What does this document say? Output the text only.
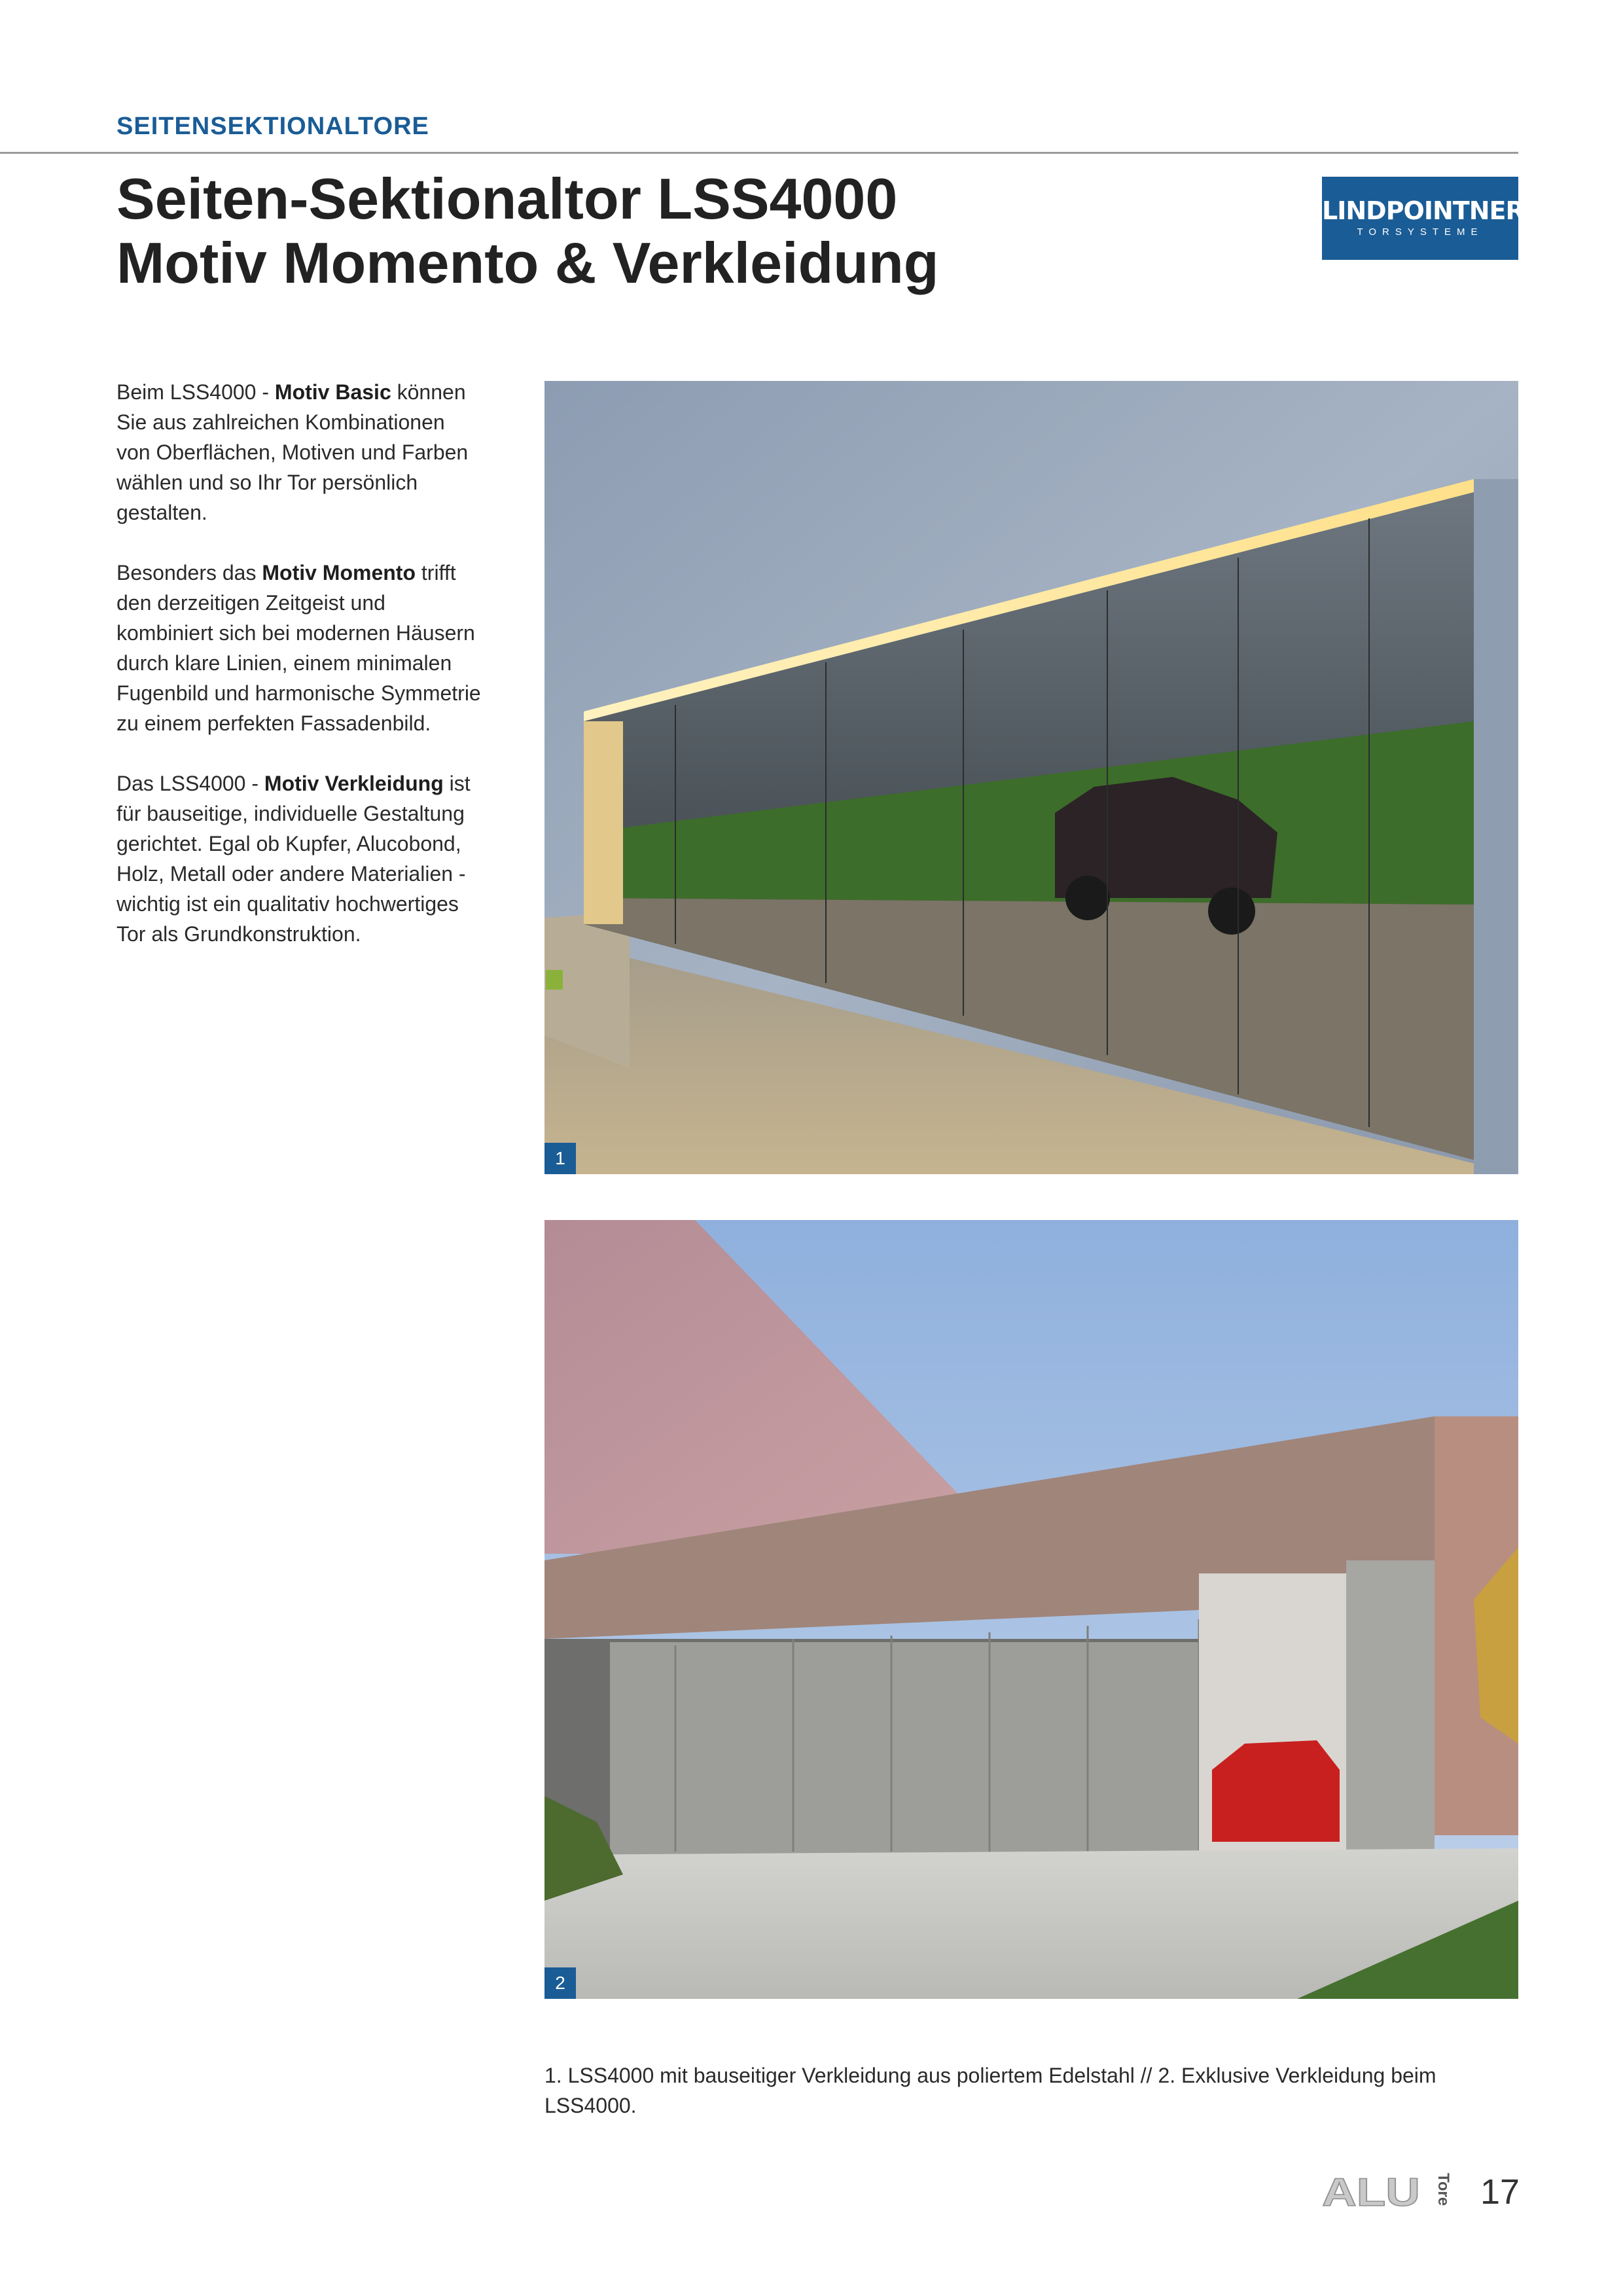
SEITENSEKTIONALTORE
Seiten-Sektionaltor LSS4000
Motiv Momento & Verkleidung
LINDPOINTNER
TORSYSTEME

Beim LSS4000 - Motiv Basic können Sie aus zahlreichen Kombinationen von Oberflächen, Motiven und Farben wählen und so Ihr Tor persönlich gestalten.

Besonders das Motiv Momento trifft den derzeitigen Zeitgeist und kombiniert sich bei modernen Häusern durch klare Linien, einem minimalen Fugenbild und harmonische Symmetrie zu einem perfekten Fassadenbild.

Das LSS4000 - Motiv Verkleidung ist für bauseitige, individuelle Gestaltung gerichtet. Egal ob Kupfer, Alucobond, Holz, Metall oder andere Materialien - wichtig ist ein qualitativ hochwertiges Tor als Grundkonstruktion.

1
2
1. LSS4000 mit bauseitiger Verkleidung aus poliertem Edelstahl // 2. Exklusive Verkleidung beim LSS4000.
ALU Tore 17
